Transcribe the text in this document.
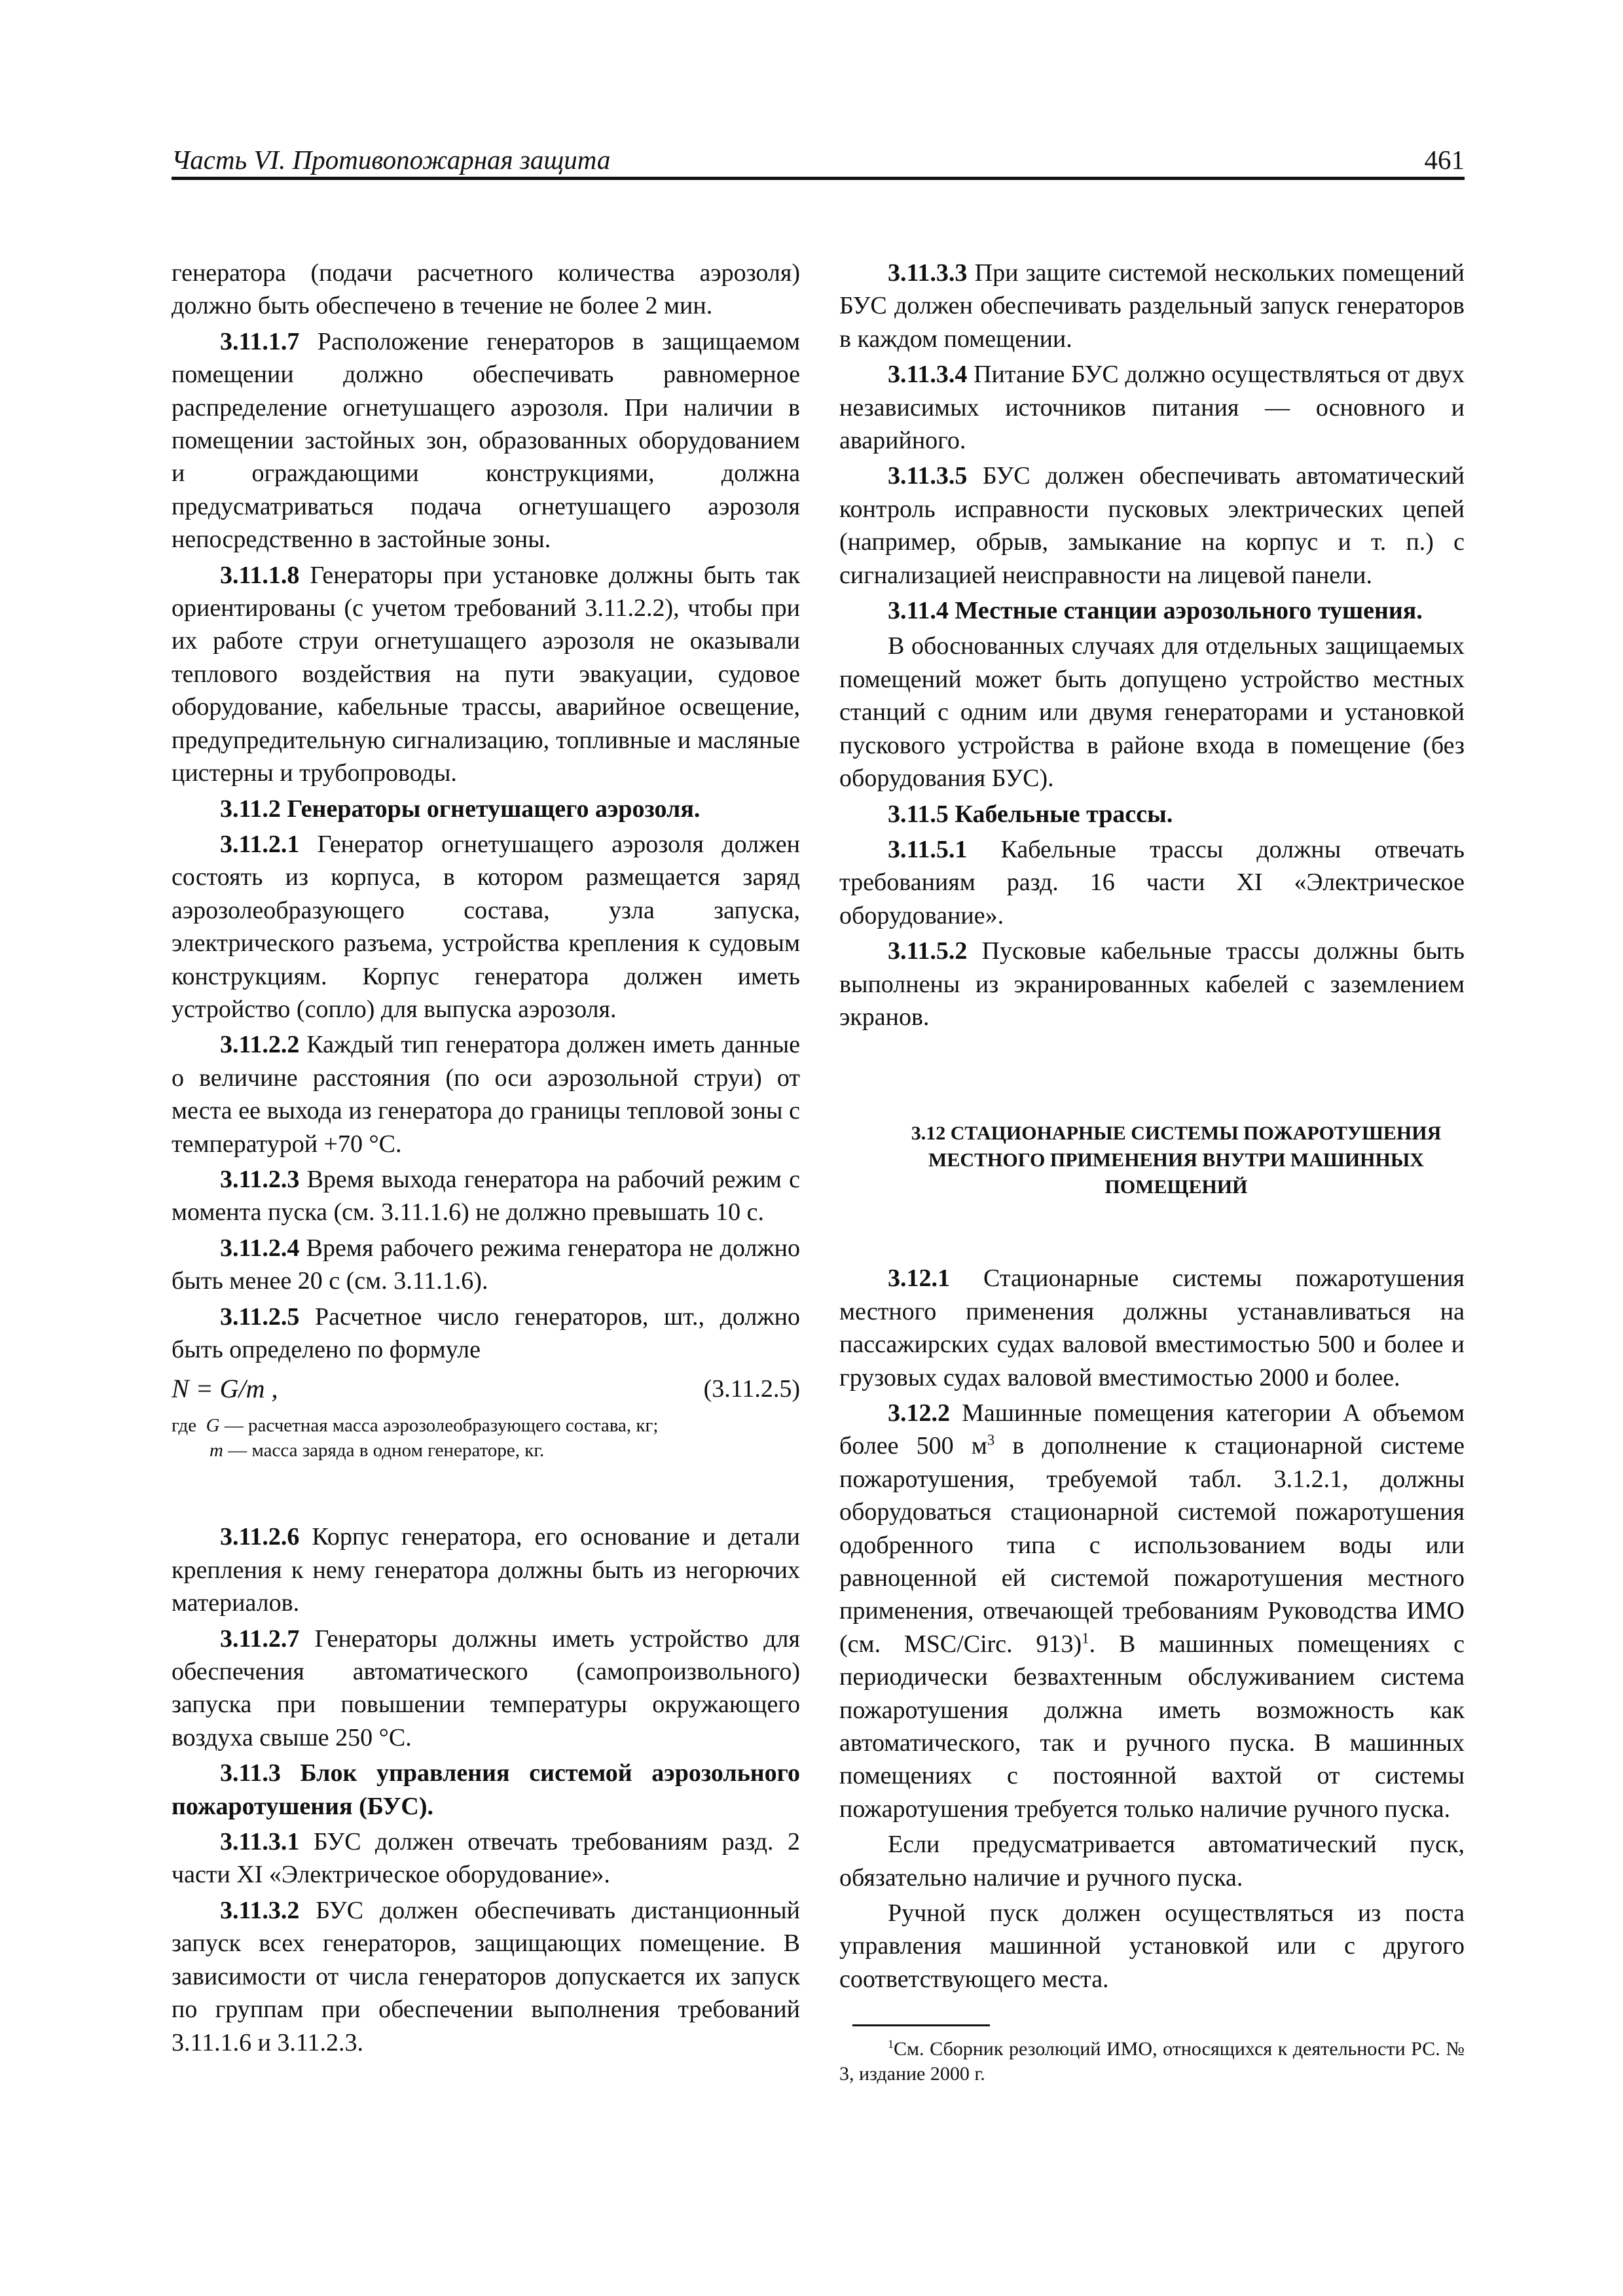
Часть VI. Противопожарная защита	461

генератора (подачи расчетного количества аэрозоля) должно быть обеспечено в течение не более 2 мин.

3.11.1.7 Расположение генераторов в защищаемом помещении должно обеспечивать равномерное распределение огнетушащего аэрозоля. При наличии в помещении застойных зон, образованных оборудованием и ограждающими конструкциями, должна предусматриваться подача огнетушащего аэрозоля непосредственно в застойные зоны.

3.11.1.8 Генераторы при установке должны быть так ориентированы (с учетом требований 3.11.2.2), чтобы при их работе струи огнетушащего аэрозоля не оказывали теплового воздействия на пути эвакуации, судовое оборудование, кабельные трассы, аварийное освещение, предупредительную сигнализацию, топливные и масляные цистерны и трубопроводы.

3.11.2 Генераторы огнетушащего аэрозоля.

3.11.2.1 Генератор огнетушащего аэрозоля должен состоять из корпуса, в котором размещается заряд аэрозолеобразующего состава, узла запуска, электрического разъема, устройства крепления к судовым конструкциям. Корпус генератора должен иметь устройство (сопло) для выпуска аэрозоля.

3.11.2.2 Каждый тип генератора должен иметь данные о величине расстояния (по оси аэрозольной струи) от места ее выхода из генератора до границы тепловой зоны с температурой +70 °C.

3.11.2.3 Время выхода генератора на рабочий режим с момента пуска (см. 3.11.1.6) не должно превышать 10 с.

3.11.2.4 Время рабочего режима генератора не должно быть менее 20 с (см. 3.11.1.6).

3.11.2.5 Расчетное число генераторов, шт., должно быть определено по формуле

N = G/m ,	(3.11.2.5)
где G — расчетная масса аэрозолеобразующего состава, кг;
m — масса заряда в одном генераторе, кг.

3.11.2.6 Корпус генератора, его основание и детали крепления к нему генератора должны быть из негорючих материалов.

3.11.2.7 Генераторы должны иметь устройство для обеспечения автоматического (самопроизвольного) запуска при повышении температуры окружающего воздуха свыше 250 °C.

3.11.3 Блок управления системой аэрозольного пожаротушения (БУС).

3.11.3.1 БУС должен отвечать требованиям разд. 2 части XI «Электрическое оборудование».

3.11.3.2 БУС должен обеспечивать дистанционный запуск всех генераторов, защищающих помещение. В зависимости от числа генераторов допускается их запуск по группам при обеспечении выполнения требований 3.11.1.6 и 3.11.2.3.

3.11.3.3 При защите системой нескольких помещений БУС должен обеспечивать раздельный запуск генераторов в каждом помещении.

3.11.3.4 Питание БУС должно осуществляться от двух независимых источников питания — основного и аварийного.

3.11.3.5 БУС должен обеспечивать автоматический контроль исправности пусковых электрических цепей (например, обрыв, замыкание на корпус и т. п.) с сигнализацией неисправности на лицевой панели.

3.11.4 Местные станции аэрозольного тушения.

В обоснованных случаях для отдельных защищаемых помещений может быть допущено устройство местных станций с одним или двумя генераторами и установкой пускового устройства в районе входа в помещение (без оборудования БУС).

3.11.5 Кабельные трассы.

3.11.5.1 Кабельные трассы должны отвечать требованиям разд. 16 части XI «Электрическое оборудование».

3.11.5.2 Пусковые кабельные трассы должны быть выполнены из экранированных кабелей с заземлением экранов.

3.12 СТАЦИОНАРНЫЕ СИСТЕМЫ ПОЖАРОТУШЕНИЯ

МЕСТНОГО ПРИМЕНЕНИЯ ВНУТРИ МАШИННЫХ

ПОМЕЩЕНИЙ

3.12.1 Стационарные системы пожаротушения местного применения должны устанавливаться на пассажирских судах валовой вместимостью 500 и более и грузовых судах валовой вместимостью 2000 и более.

3.12.2 Машинные помещения категории А объемом более 500 $м^3$ в дополнение к стационарной системе пожаротушения, требуемой табл. 3.1.2.1, должны оборудоваться стационарной системой пожаротушения одобренного типа с использованием воды или равноценной ей системой пожаротушения местного применения, отвечающей требованиям Руководства ИМО (см. MSC/Circ. 913)$^1$. В машинных помещениях с периодически безвахтенным обслуживанием система пожаротушения должна иметь возможность как автоматического, так и ручного пуска. В машинных помещениях с постоянной вахтой от системы пожаротушения требуется только наличие ручного пуска.

Если предусматривается автоматический пуск, обязательно наличие и ручного пуска.

Ручной пуск должен осуществляться из поста управления машинной установкой или с другого соответствующего места.

$^1$См. Сборник резолюций ИМО, относящихся к деятельности РС. № 3, издание 2000 г.
